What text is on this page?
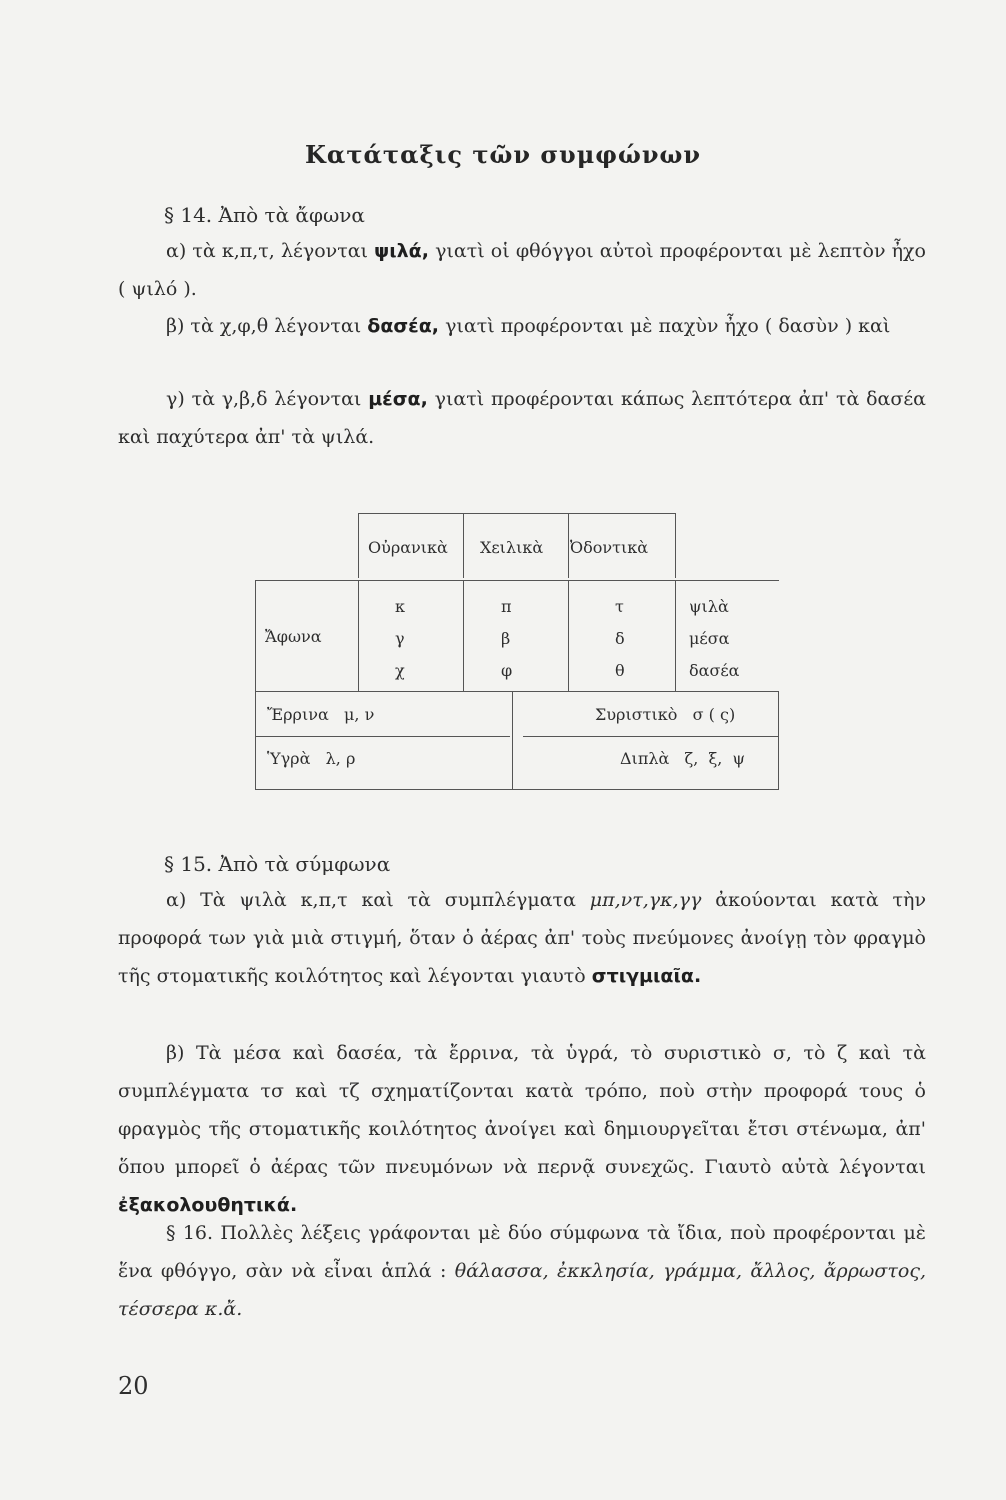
Κατάταξις τῶν συμφώνων
§ 14. Ἀπὸ τὰ ἄφωνα
α) τὰ κ,π,τ, λέγονται ψιλά, γιατὶ οἱ φθόγγοι αὐτοὶ προφέρονται μὲ λεπτὸν ἦχο ( ψιλό ).
β) τὰ χ,φ,θ λέγονται δασέα, γιατὶ προφέρονται μὲ παχὺν ἦχο ( δασὺν ) καὶ
γ) τὰ γ,β,δ λέγονται μέσα, γιατὶ προφέρονται κάπως λεπτότερα ἀπ' τὰ δασέα καὶ παχύτερα ἀπ' τὰ ψιλά.
Οὐρανικὰ Χειλικὰ Ὀδοντικὰ
Ἄφωνα
κ	π	τ	ψιλὰ
γ	β	δ	μέσα
χ	φ	θ	δασέα
Ἔρρινα   μ, ν	Συριστικὸ   σ ( ς)
Ὑγρὰ   λ, ρ	Διπλὰ   ζ,  ξ,  ψ
§ 15. Ἀπὸ τὰ σύμφωνα
α) Τὰ ψιλὰ κ,π,τ καὶ τὰ συμπλέγματα μπ,ντ,γκ,γγ ἀκούονται κατὰ τὴν προφορά των γιὰ μιὰ στιγμή, ὅταν ὁ ἀέρας ἀπ' τοὺς πνεύμονες ἀνοίγῃ τὸν φραγμὸ τῆς στοματικῆς κοιλότητος καὶ λέγονται γιαυτὸ στιγμιαῖα.
β) Τὰ μέσα καὶ δασέα, τὰ ἔρρινα, τὰ ὑγρά, τὸ συριστικὸ σ, τὸ ζ καὶ τὰ συμπλέγματα τσ καὶ τζ σχηματίζονται κατὰ τρόπο, ποὺ στὴν προφορά τους ὁ φραγμὸς τῆς στοματικῆς κοιλότητος ἀνοίγει καὶ δημιουργεῖται ἔτσι στένωμα, ἀπ' ὅπου μπορεῖ ὁ ἀέρας τῶν πνευμόνων νὰ περνᾷ συνεχῶς. Γιαυτὸ αὐτὰ λέγονται ἐξακολουθητικά.
§ 16. Πολλὲς λέξεις γράφονται μὲ δύο σύμφωνα τὰ ἴδια, ποὺ προφέρονται μὲ ἕνα φθόγγο, σὰν νὰ εἶναι ἁπλά : θάλασσα, ἐκκλησία, γράμμα, ἄλλος, ἄρρωστος, τέσσερα κ.ἄ.
20
